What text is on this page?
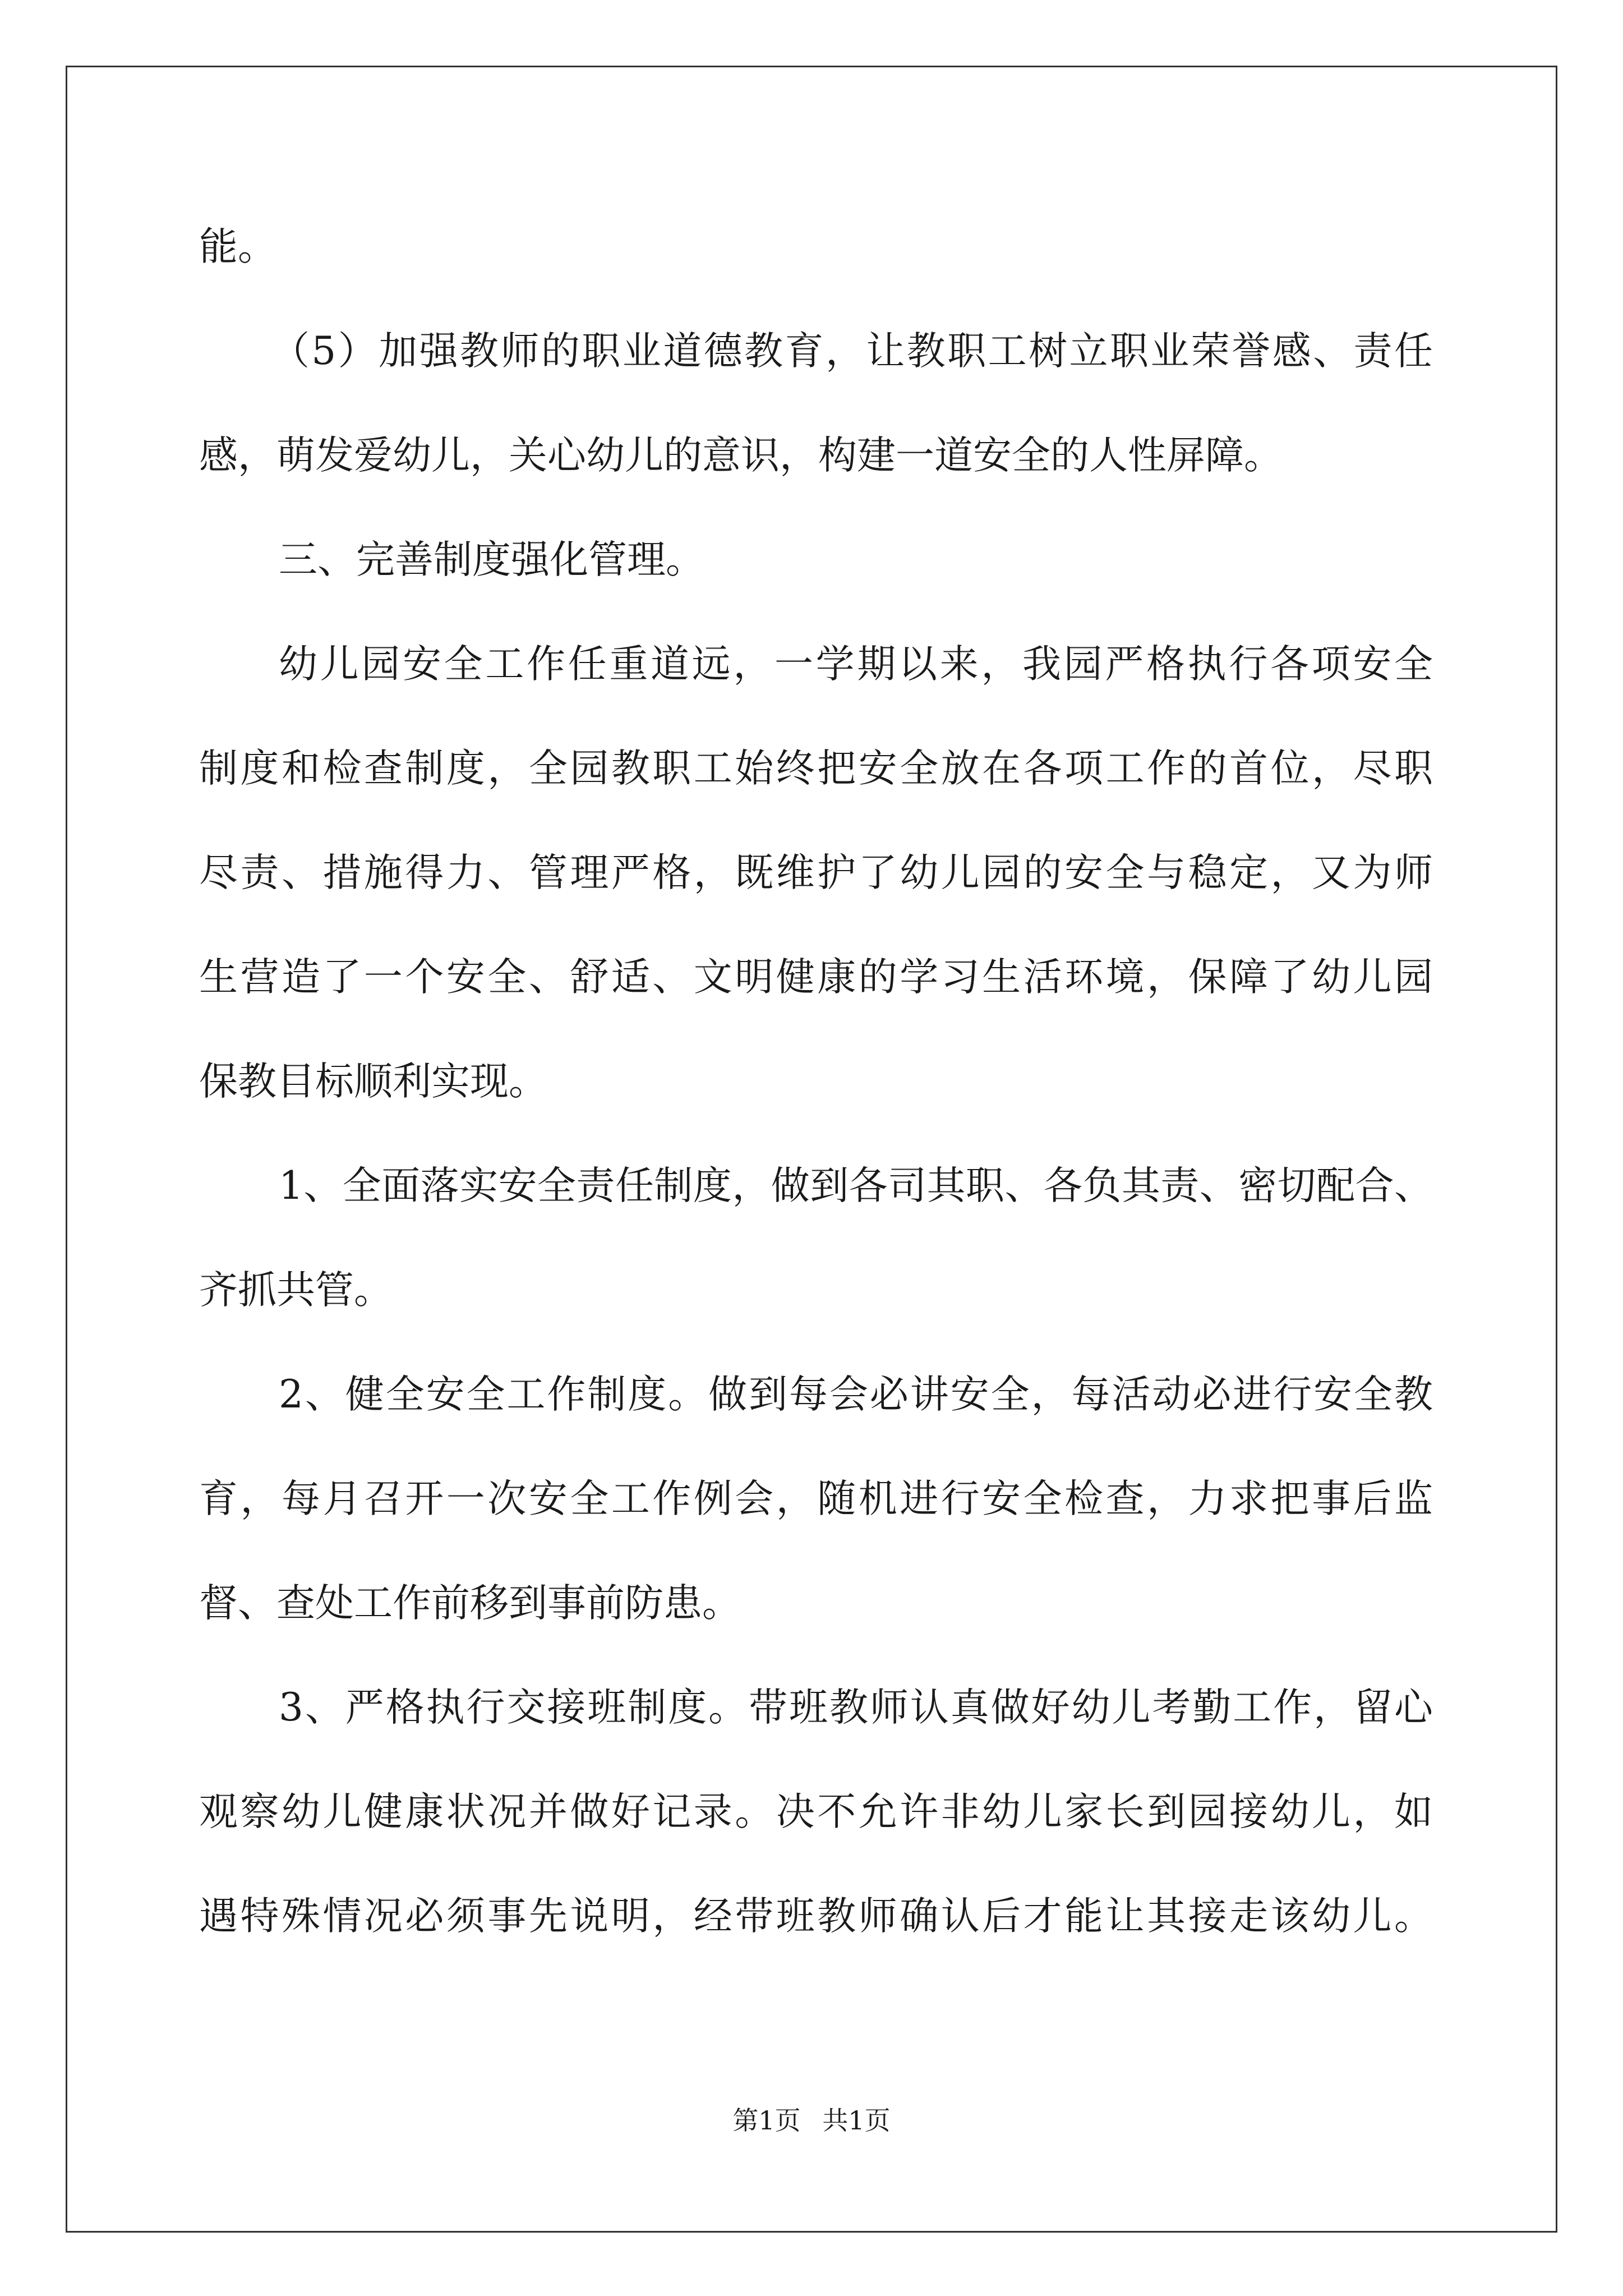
能。
（5）加强教师的职业道德教育，让教职工树立职业荣誉感、责任
感，萌发爱幼儿，关心幼儿的意识，构建一道安全的人性屏障。
三、完善制度强化管理。
幼儿园安全工作任重道远，一学期以来，我园严格执行各项安全
制度和检查制度，全园教职工始终把安全放在各项工作的首位，尽职
尽责、措施得力、管理严格，既维护了幼儿园的安全与稳定，又为师
生营造了一个安全、舒适、文明健康的学习生活环境，保障了幼儿园
保教目标顺利实现。
1、全面落实安全责任制度，做到各司其职、各负其责、密切配合、
齐抓共管。
2、健全安全工作制度。做到每会必讲安全，每活动必进行安全教
育，每月召开一次安全工作例会，随机进行安全检查，力求把事后监
督、查处工作前移到事前防患。
3、严格执行交接班制度。带班教师认真做好幼儿考勤工作，留心
观察幼儿健康状况并做好记录。决不允许非幼儿家长到园接幼儿，如
遇特殊情况必须事先说明，经带班教师确认后才能让其接走该幼儿。
第1页 共1页
